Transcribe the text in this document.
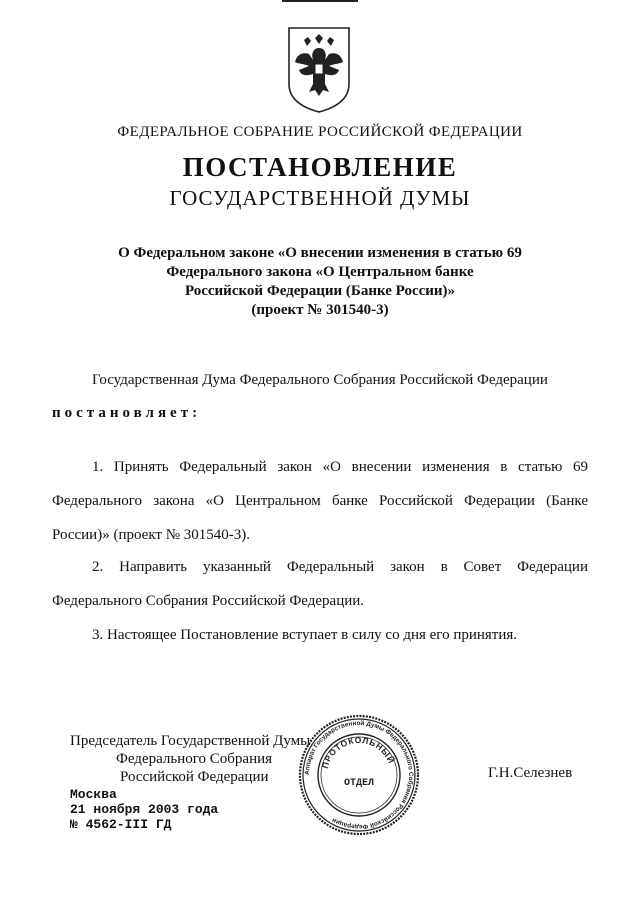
ФЕДЕРАЛЬНОЕ СОБРАНИЕ РОССИЙСКОЙ ФЕДЕРАЦИИ
ПОСТАНОВЛЕНИЕ
ГОСУДАРСТВЕННОЙ ДУМЫ
О Федеральном законе «О внесении изменения в статью 69
Федерального закона «О Центральном банке
Российской Федерации (Банке России)»
(проект № 301540-3)
Государственная Дума Федерального Собрания Российской Федерации
постановляет:
1. Принять Федеральный закон «О внесении изменения в статью 69
Федерального закона «О Центральном банке Российской Федерации (Банке
России)» (проект № 301540-3).
2. Направить указанный Федеральный закон в Совет Федерации
Федерального Собрания Российской Федерации.
3. Настоящее Постановление вступает в силу со дня его принятия.
Председатель Государственной Думы
Федерального Собрания
Российской Федерации	Г.Н.Селезнев
Москва
21 ноября 2003 года
№ 4562-III ГД
Аппарат Государственной Думы Федерального Собрания Российской Федерации
ПРОТОКОЛЬНЫЙ
ОТДЕЛ
